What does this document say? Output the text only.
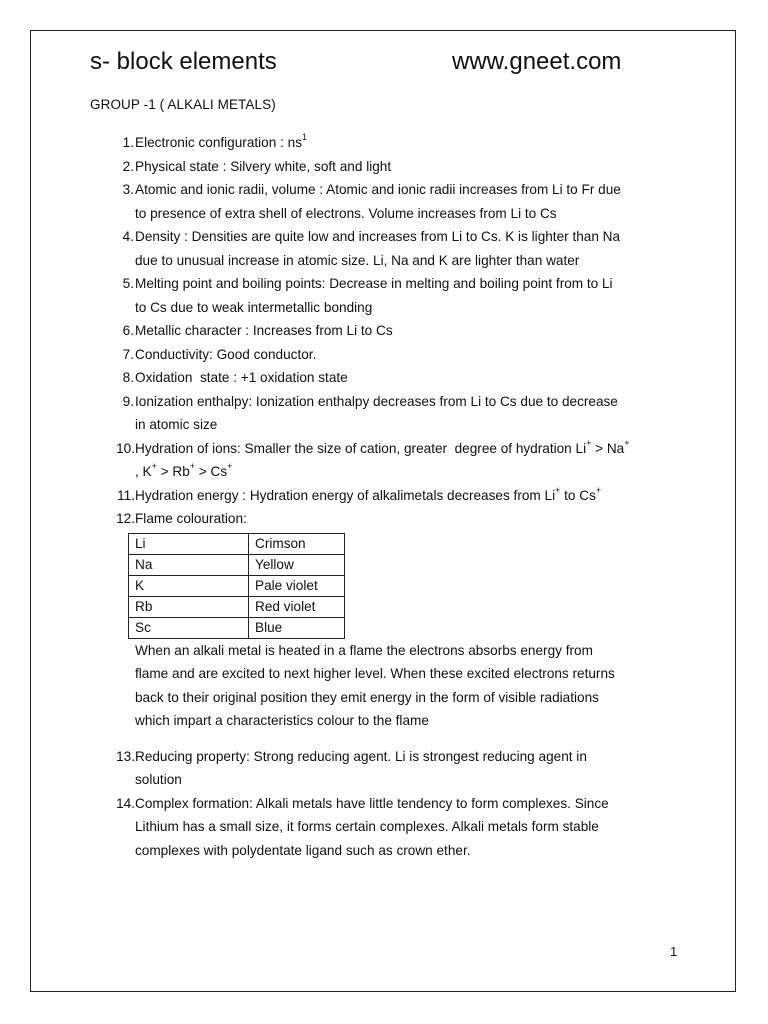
s- block elements	www.gneet.com
GROUP -1 ( ALKALI METALS)
1. Electronic configuration : $ns^1$
2. Physical state : Silvery white, soft and light
3. Atomic and ionic radii, volume : Atomic and ionic radii increases from Li to Fr due
to presence of extra shell of electrons. Volume increases from Li to Cs
4. Density : Densities are quite low and increases from Li to Cs. K is lighter than Na
due to unusual increase in atomic size. Li, Na and K are lighter than water
5. Melting point and boiling points: Decrease in melting and boiling point from to Li
to Cs due to weak intermetallic bonding
6. Metallic character : Increases from Li to Cs
7. Conductivity: Good conductor.
8. Oxidation  state : +1 oxidation state
9. Ionization enthalpy: Ionization enthalpy decreases from Li to Cs due to decrease
in atomic size
10. Hydration of ions: Smaller the size of cation, greater  degree of hydration Li+ > Na+
, K+ > Rb+ > Cs+
11. Hydration energy : Hydration energy of alkalimetals decreases from Li+ to Cs+
12. Flame colouration:
Li	Crimson
Na	Yellow
K	Pale violet
Rb	Red violet
Sc	Blue
When an alkali metal is heated in a flame the electrons absorbs energy from
flame and are excited to next higher level. When these excited electrons returns
back to their original position they emit energy in the form of visible radiations
which impart a characteristics colour to the flame
13. Reducing property: Strong reducing agent. Li is strongest reducing agent in
solution
14. Complex formation: Alkali metals have little tendency to form complexes. Since
Lithium has a small size, it forms certain complexes. Alkali metals form stable
complexes with polydentate ligand such as crown ether.
1
